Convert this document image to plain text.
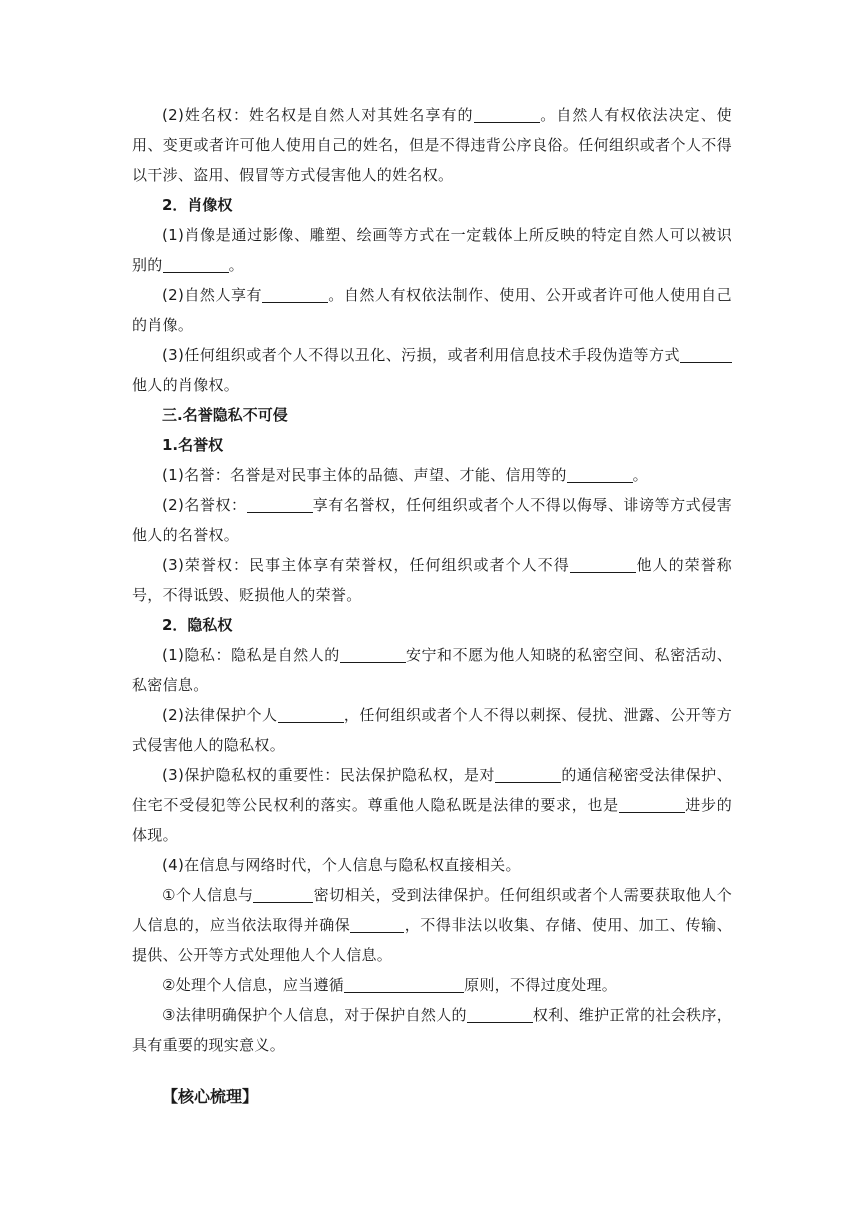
(2)姓名权：姓名权是自然人对其姓名享有的	。自然人有权依法决定、使用、变更或者许可他人使用自己的姓名，但是不得违背公序良俗。任何组织或者个人不得以干涉、盗用、假冒等方式侵害他人的姓名权。

2．肖像权

(1)肖像是通过影像、雕塑、绘画等方式在一定载体上所反映的特定自然人可以被识别的	。

(2)自然人享有	。自然人有权依法制作、使用、公开或者许可他人使用自己的肖像。

(3)任何组织或者个人不得以丑化、污损，或者利用信息技术手段伪造等方式他人的肖像权。

三.名誉隐私不可侵

1.名誉权

(1)名誉：名誉是对民事主体的品德、声望、才能、信用等的	。

(2)名誉权：	享有名誉权，任何组织或者个人不得以侮辱、诽谤等方式侵害他人的名誉权。

(3)荣誉权：民事主体享有荣誉权，任何组织或者个人不得	他人的荣誉称号，不得诋毁、贬损他人的荣誉。

2．隐私权

(1)隐私：隐私是自然人的	安宁和不愿为他人知晓的私密空间、私密活动、私密信息。

(2)法律保护个人	，任何组织或者个人不得以刺探、侵扰、泄露、公开等方式侵害他人的隐私权。

(3)保护隐私权的重要性：民法保护隐私权，是对	的通信秘密受法律保护、住宅不受侵犯等公民权利的落实。尊重他人隐私既是法律的要求，也是	进步的体现。

(4)在信息与网络时代，个人信息与隐私权直接相关。

①个人信息与	密切相关，受到法律保护。任何组织或者个人需要获取他人个人信息的，应当依法取得并确保	，不得非法以收集、存储、使用、加工、传输、提供、公开等方式处理他人个人信息。

②处理个人信息，应当遵循	原则，不得过度处理。

③法律明确保护个人信息，对于保护自然人的	权利、维护正常的社会秩序，具有重要的现实意义。

【核心梳理】
